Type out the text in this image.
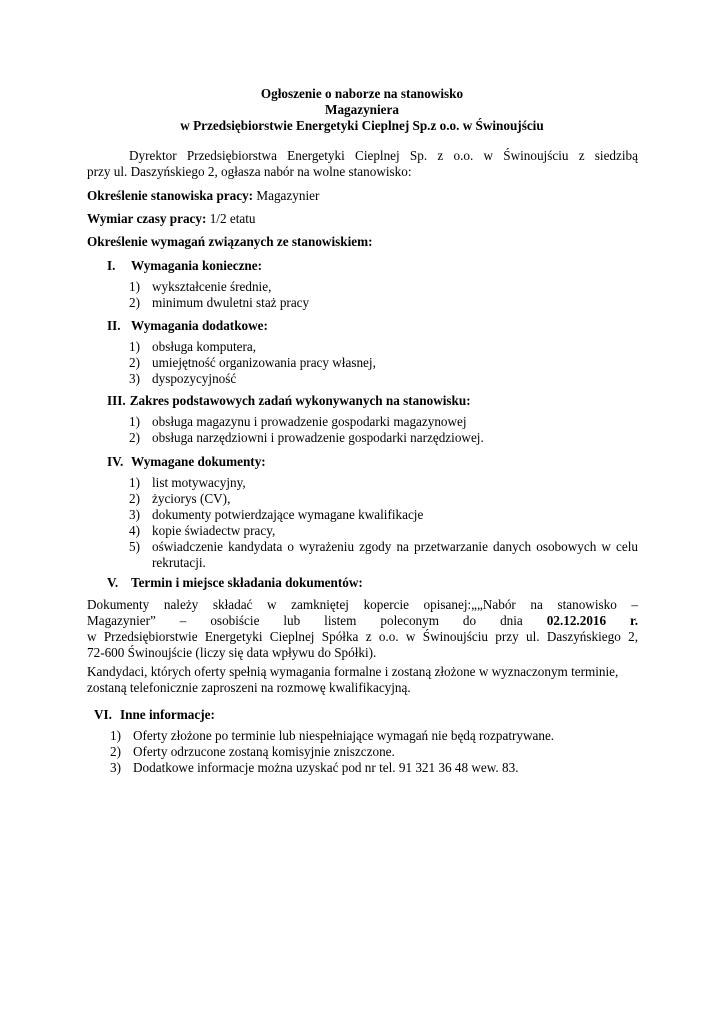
Ogłoszenie o naborze na stanowisko
Magazyniera
w Przedsiębiorstwie Energetyki Cieplnej Sp.z o.o. w Świnoujściu
Dyrektor Przedsiębiorstwa Energetyki Cieplnej Sp. z o.o. w Świnoujściu z siedzibą
przy ul. Daszyńskiego 2, ogłasza nabór na wolne stanowisko:
Określenie stanowiska pracy: Magazynier
Wymiar czasy pracy: 1/2 etatu
Określenie wymagań związanych ze stanowiskiem:
I. Wymagania konieczne:
1) wykształcenie średnie,
2) minimum dwuletni staż pracy
II. Wymagania dodatkowe:
1) obsługa komputera,
2) umiejętność organizowania pracy własnej,
3) dyspozycyjność
III. Zakres podstawowych zadań wykonywanych na stanowisku:
1) obsługa magazynu i prowadzenie gospodarki magazynowej
2) obsługa narzędziowni i prowadzenie gospodarki narzędziowej.
IV. Wymagane dokumenty:
1) list motywacyjny,
2) życiorys (CV),
3) dokumenty potwierdzające wymagane kwalifikacje
4) kopie świadectw pracy,
5) oświadczenie kandydata o wyrażeniu zgody na przetwarzanie danych osobowych w celu rekrutacji.
V. Termin i miejsce składania dokumentów:
Dokumenty należy składać w zamkniętej kopercie opisanej:„„Nabór na stanowisko –
Magazynier” – osobiście lub listem poleconym do dnia 02.12.2016 r.
w Przedsiębiorstwie Energetyki Cieplnej Spółka z o.o. w Świnoujściu przy ul. Daszyńskiego 2,
72-600 Świnoujście (liczy się data wpływu do Spółki).
Kandydaci, których oferty spełnią wymagania formalne i zostaną złożone w wyznaczonym terminie,
zostaną telefonicznie zaproszeni na rozmowę kwalifikacyjną.
VI. Inne informacje:
1) Oferty złożone po terminie lub niespełniające wymagań nie będą rozpatrywane.
2) Oferty odrzucone zostaną komisyjnie zniszczone.
3) Dodatkowe informacje można uzyskać pod nr tel. 91 321 36 48 wew. 83.
